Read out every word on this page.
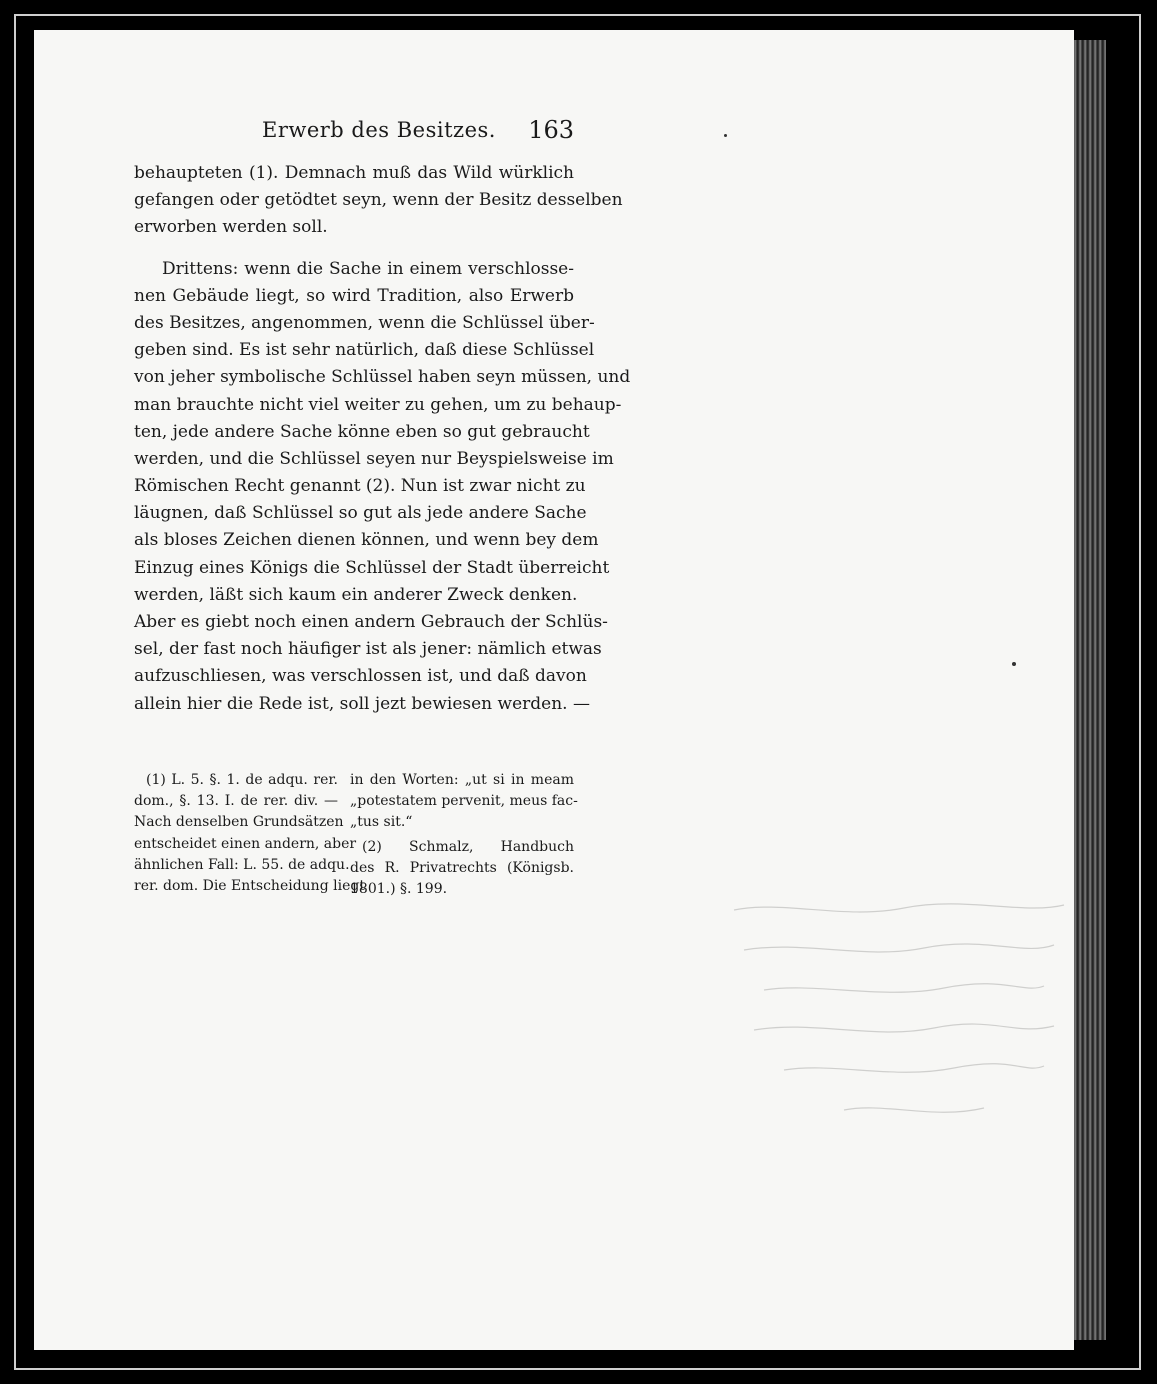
Erwerb des Besitzes. 163
behaupteten (1). Demnach muß das Wild würklich
gefangen oder getödtet seyn, wenn der Besitz desselben
erworben werden soll.
Drittens: wenn die Sache in einem verschlosse-
nen Gebäude liegt, so wird Tradition, also Erwerb
des Besitzes, angenommen, wenn die Schlüssel über-
geben sind. Es ist sehr natürlich, daß diese Schlüssel
von jeher symbolische Schlüssel haben seyn müssen, und
man brauchte nicht viel weiter zu gehen, um zu behaup-
ten, jede andere Sache könne eben so gut gebraucht
werden, und die Schlüssel seyen nur Beyspielsweise im
Römischen Recht genannt (2). Nun ist zwar nicht zu
läugnen, daß Schlüssel so gut als jede andere Sache
als bloses Zeichen dienen können, und wenn bey dem
Einzug eines Königs die Schlüssel der Stadt überreicht
werden, läßt sich kaum ein anderer Zweck denken.
Aber es giebt noch einen andern Gebrauch der Schlüs-
sel, der fast noch häufiger ist als jener: nämlich etwas
aufzuschliesen, was verschlossen ist, und daß davon
allein hier die Rede ist, soll jezt bewiesen werden. —
(1) L. 5. §. 1. de adqu. rer.
dom., §. 13. I. de rer. div. —
Nach denselben Grundsätzen
entscheidet einen andern, aber
ähnlichen Fall: L. 55. de adqu.
rer. dom. Die Entscheidung liegt
in den Worten: „ut si in meam
„potestatem pervenit, meus fac-
„tus sit.“
(2) Schmalz, Handbuch
des R. Privatrechts (Königsb.
1801.) §. 199.
